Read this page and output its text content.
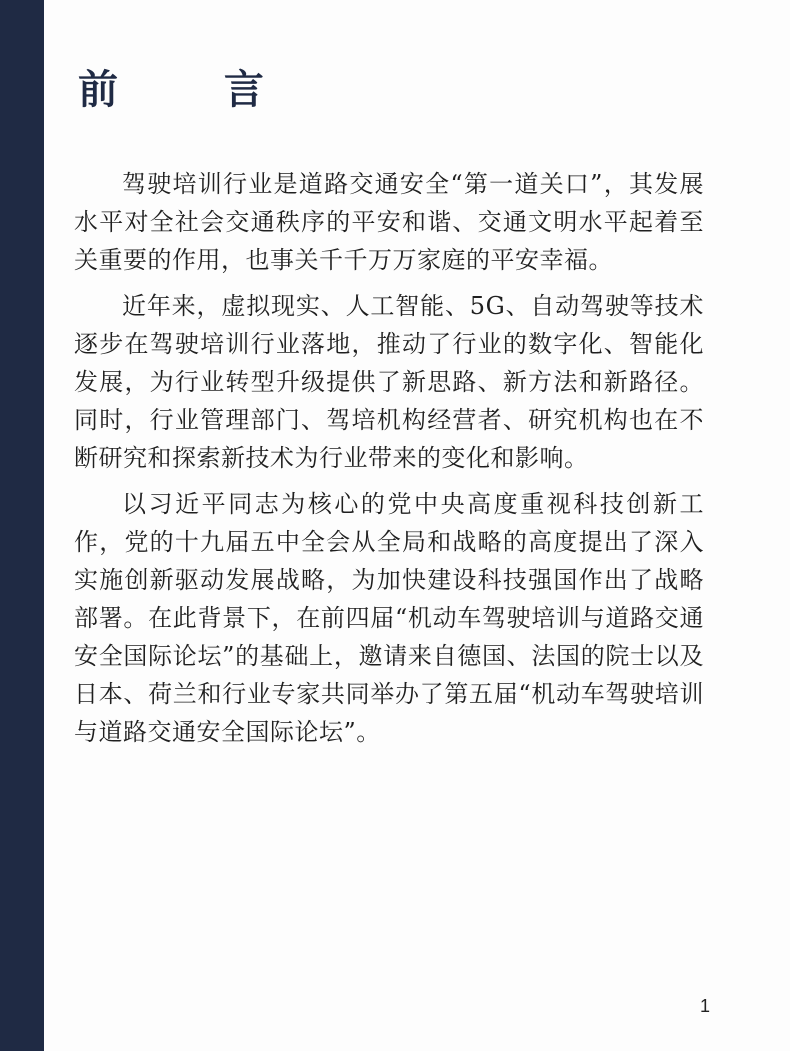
前 言

驾驶培训行业是道路交通安全“第一道关口”，其发展水平对全社会交通秩序的平安和谐、交通文明水平起着至关重要的作用，也事关千千万万家庭的平安幸福。

近年来，虚拟现实、人工智能、5G、自动驾驶等技术逐步在驾驶培训行业落地，推动了行业的数字化、智能化发展，为行业转型升级提供了新思路、新方法和新路径。同时，行业管理部门、驾培机构经营者、研究机构也在不断研究和探索新技术为行业带来的变化和影响。

以习近平同志为核心的党中央高度重视科技创新工作，党的十九届五中全会从全局和战略的高度提出了深入实施创新驱动发展战略，为加快建设科技强国作出了战略部署。在此背景下，在前四届“机动车驾驶培训与道路交通安全国际论坛”的基础上，邀请来自德国、法国的院士以及日本、荷兰和行业专家共同举办了第五届“机动车驾驶培训与道路交通安全国际论坛”。

1
